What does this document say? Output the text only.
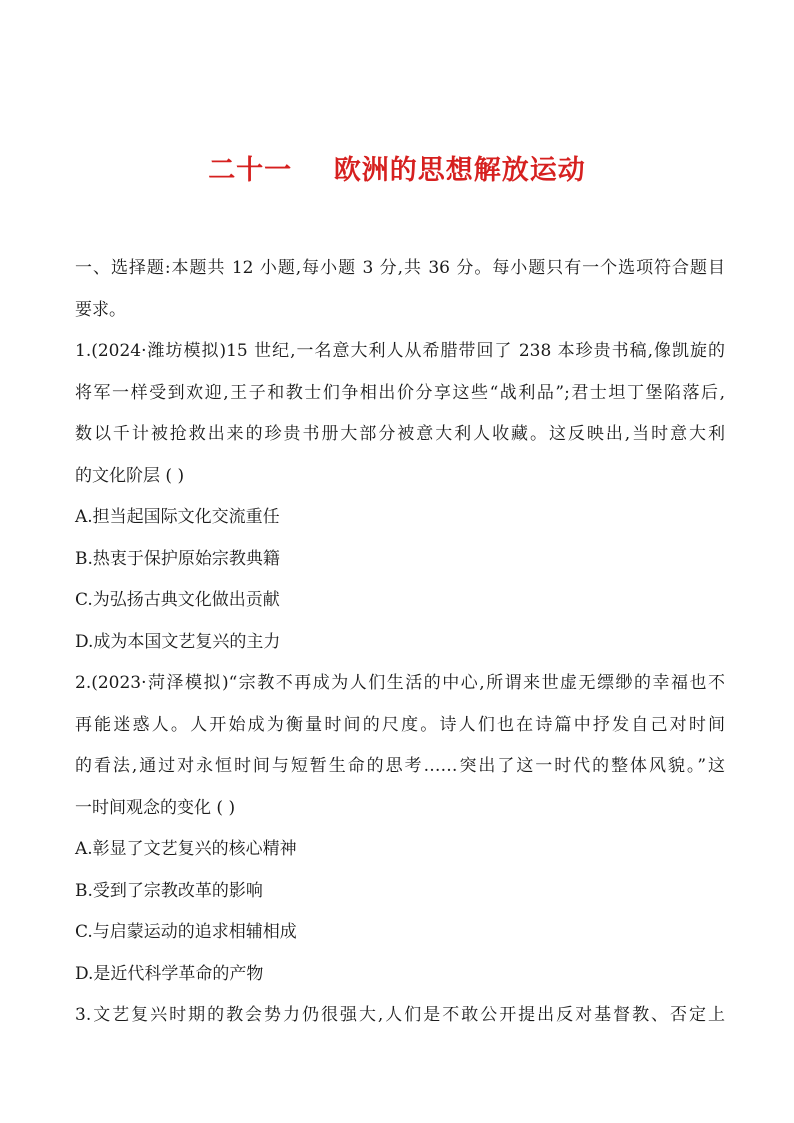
二十一    欧洲的思想解放运动
一、选择题:本题共 12 小题,每小题 3 分,共 36 分。每小题只有一个选项符合题目
要求。
1.(2024·潍坊模拟)15 世纪,一名意大利人从希腊带回了 238 本珍贵书稿,像凯旋的
将军一样受到欢迎,王子和教士们争相出价分享这些“战利品”;君士坦丁堡陷落后,
数以千计被抢救出来的珍贵书册大部分被意大利人收藏。这反映出,当时意大利
的文化阶层 ( )
A.担当起国际文化交流重任
B.热衷于保护原始宗教典籍
C.为弘扬古典文化做出贡献
D.成为本国文艺复兴的主力
2.(2023·菏泽模拟)“宗教不再成为人们生活的中心,所谓来世虚无缥缈的幸福也不
再能迷惑人。人开始成为衡量时间的尺度。诗人们也在诗篇中抒发自己对时间
的看法,通过对永恒时间与短暂生命的思考……突出了这一时代的整体风貌。”这
一时间观念的变化 ( )
A.彰显了文艺复兴的核心精神
B.受到了宗教改革的影响
C.与启蒙运动的追求相辅相成
D.是近代科学革命的产物
3.文艺复兴时期的教会势力仍很强大,人们是不敢公开提出反对基督教、否定上
